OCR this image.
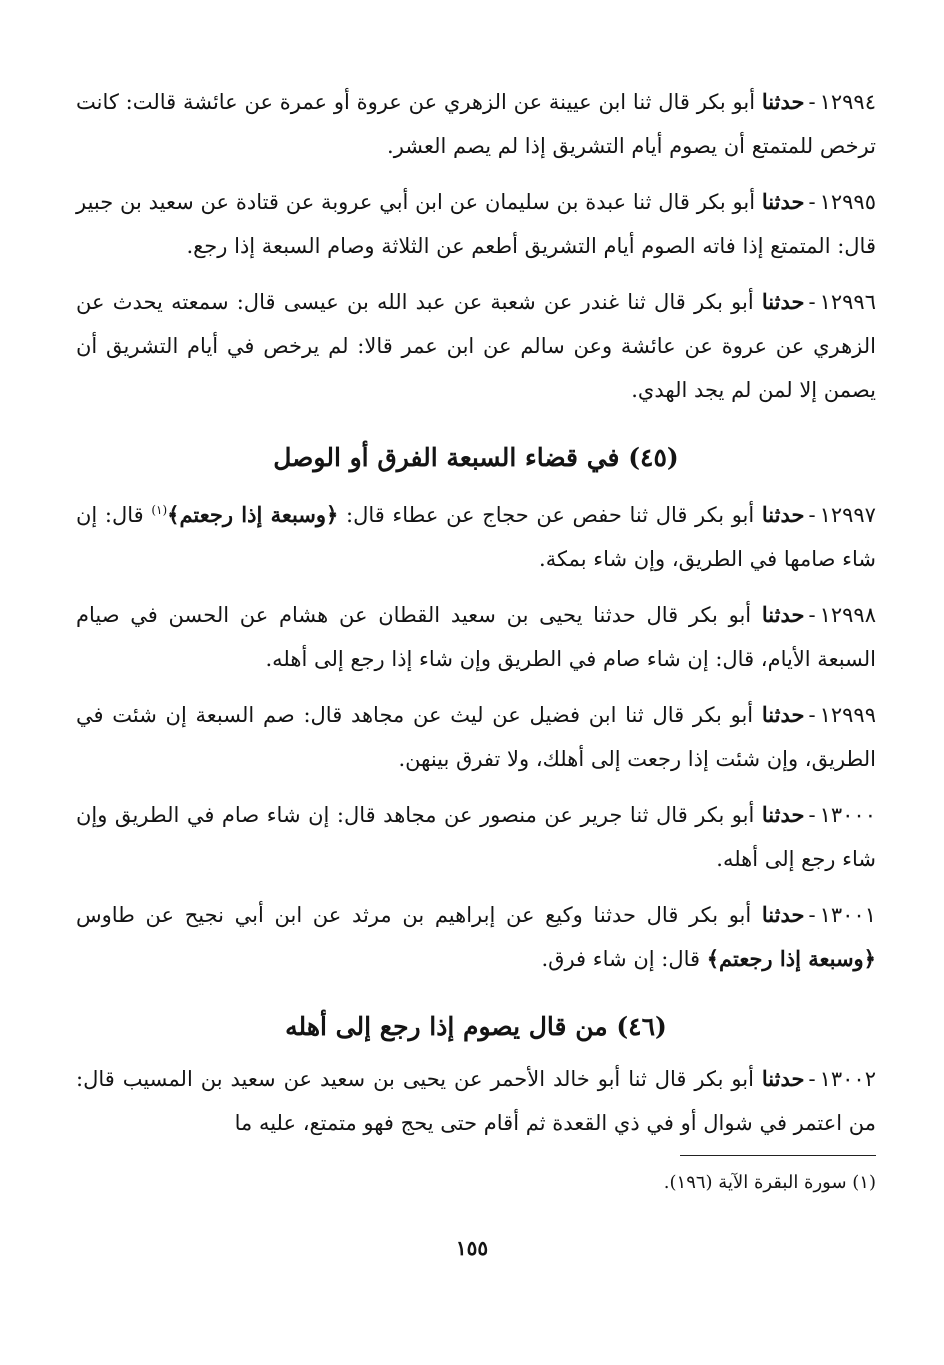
١٢٩٩٤-حدثنا أبو بكر قال ثنا ابن عيينة عن الزهري عن عروة أو عمرة عن عائشة قالت: كانت ترخص للمتمتع أن يصوم أيام التشريق إذا لم يصم العشر.

١٢٩٩٥-حدثنا أبو بكر قال ثنا عبدة بن سليمان عن ابن أبي عروبة عن قتادة عن سعيد بن جبير قال: المتمتع إذا فاته الصوم أيام التشريق أطعم عن الثلاثة وصام السبعة إذا رجع.

١٢٩٩٦-حدثنا أبو بكر قال ثنا غندر عن شعبة عن عبد الله بن عيسى قال: سمعته يحدث عن الزهري عن عروة عن عائشة وعن سالم عن ابن عمر قالا: لم يرخص في أيام التشريق أن يصمن إلا لمن لم يجد الهدي.

(٤٥) في قضاء السبعة الفرق أو الوصل

١٢٩٩٧-حدثنا أبو بكر قال ثنا حفص عن حجاج عن عطاء قال: ﴿وسبعة إذا رجعتم﴾$^{(١)}$ قال: إن شاء صامها في الطريق، وإن شاء بمكة.

١٢٩٩٨-حدثنا أبو بكر قال حدثنا يحيى بن سعيد القطان عن هشام عن الحسن في صيام السبعة الأيام، قال: إن شاء صام في الطريق وإن شاء إذا رجع إلى أهله.

١٢٩٩٩-حدثنا أبو بكر قال ثنا ابن فضيل عن ليث عن مجاهد قال: صم السبعة إن شئت في الطريق، وإن شئت إذا رجعت إلى أهلك، ولا تفرق بينهن.

١٣٠٠٠-حدثنا أبو بكر قال ثنا جرير عن منصور عن مجاهد قال: إن شاء صام في الطريق وإن شاء رجع إلى أهله.

١٣٠٠١-حدثنا أبو بكر قال حدثنا وكيع عن إبراهيم بن مرثد عن ابن أبي نجيح عن طاوس ﴿وسبعة إذا رجعتم﴾ قال: إن شاء فرق.

(٤٦) من قال يصوم إذا رجع إلى أهله

١٣٠٠٢-حدثنا أبو بكر قال ثنا أبو خالد الأحمر عن يحيى بن سعيد عن سعيد بن المسيب قال: من اعتمر في شوال أو في ذي القعدة ثم أقام حتى يحج فهو متمتع، عليه ما

(١) سورة البقرة الآية (١٩٦).
١٥٥
